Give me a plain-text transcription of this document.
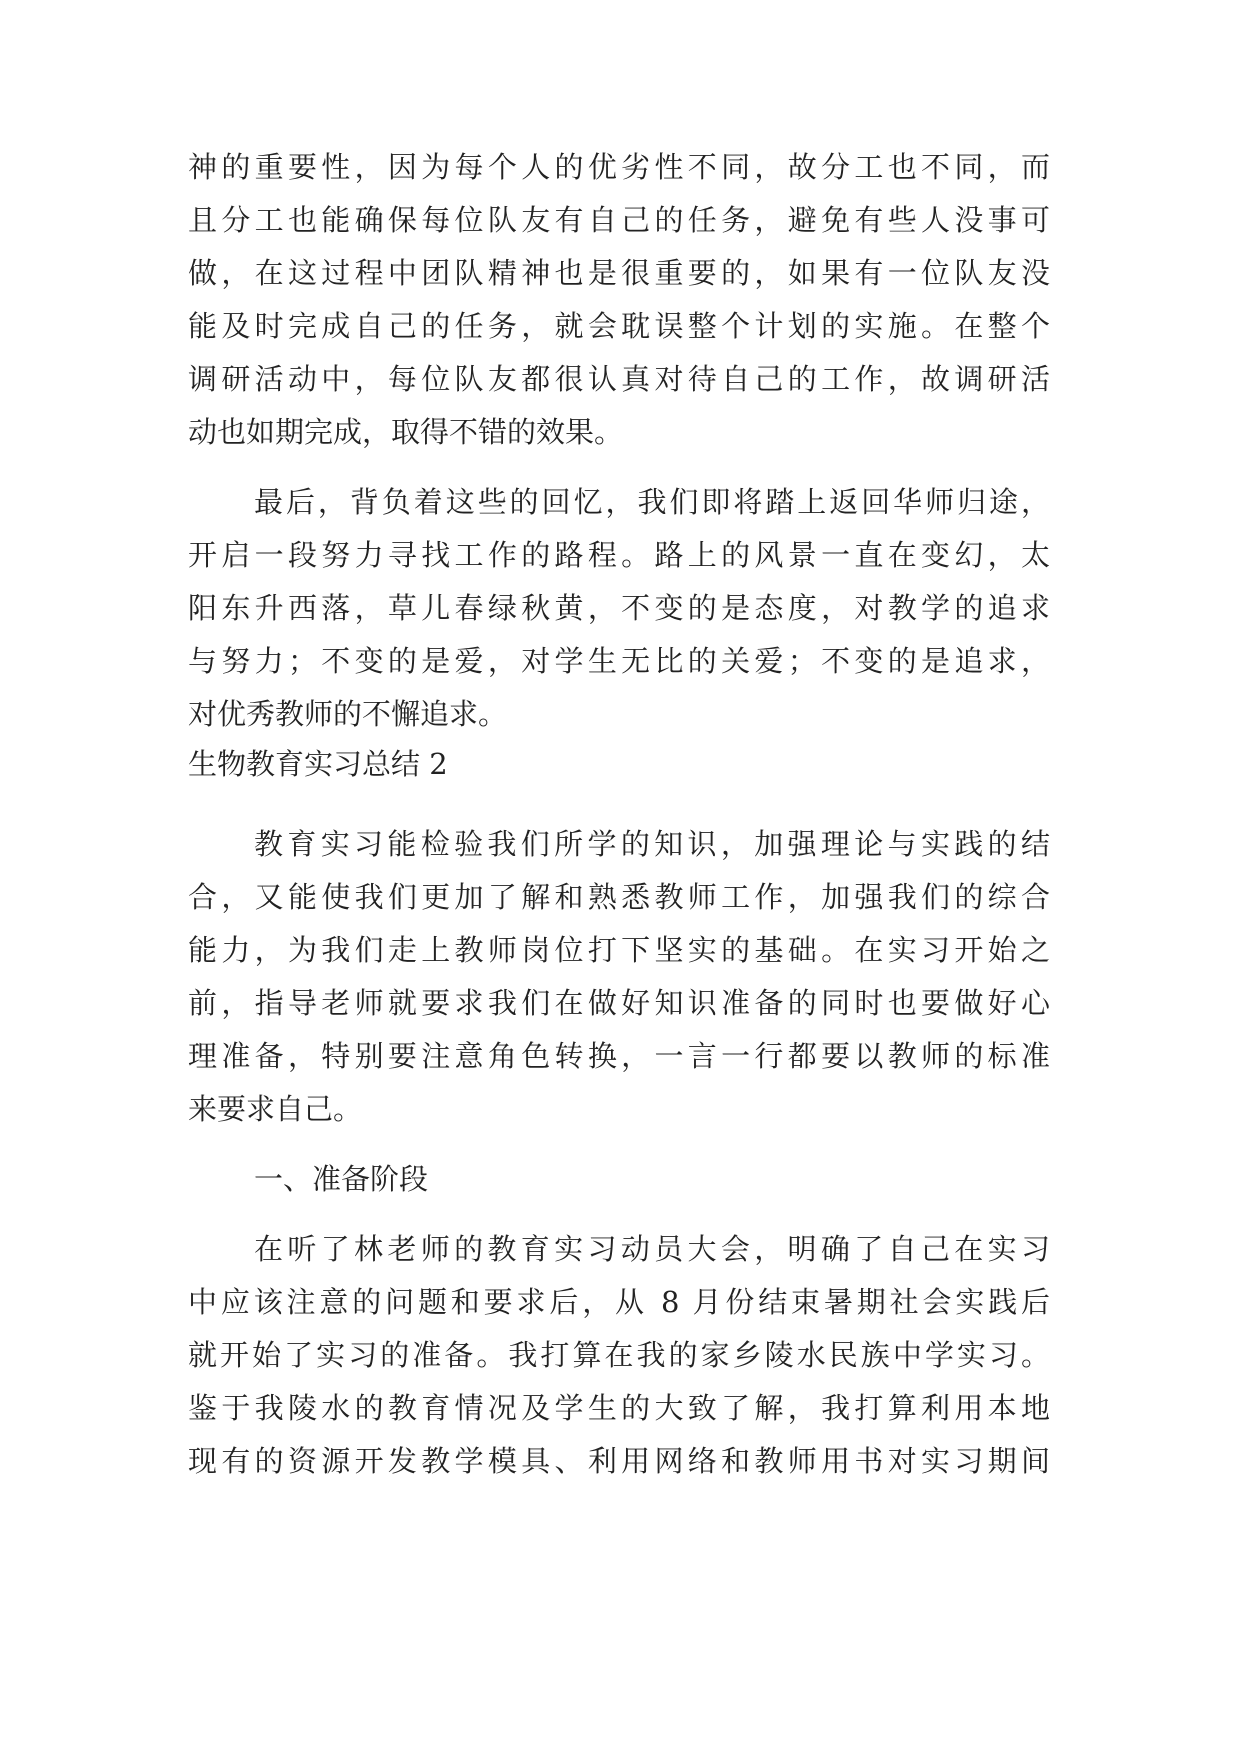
神的重要性，因为每个人的优劣性不同，故分工也不同，而
且分工也能确保每位队友有自己的任务，避免有些人没事可
做，在这过程中团队精神也是很重要的，如果有一位队友没
能及时完成自己的任务，就会耽误整个计划的实施。在整个
调研活动中，每位队友都很认真对待自己的工作，故调研活
动也如期完成，取得不错的效果。
最后，背负着这些的回忆，我们即将踏上返回华师归途，
开启一段努力寻找工作的路程。路上的风景一直在变幻，太
阳东升西落，草儿春绿秋黄，不变的是态度，对教学的追求
与努力；不变的是爱，对学生无比的关爱；不变的是追求，
对优秀教师的不懈追求。
生物教育实习总结 2
教育实习能检验我们所学的知识，加强理论与实践的结
合，又能使我们更加了解和熟悉教师工作，加强我们的综合
能力，为我们走上教师岗位打下坚实的基础。在实习开始之
前，指导老师就要求我们在做好知识准备的同时也要做好心
理准备，特别要注意角色转换，一言一行都要以教师的标准
来要求自己。
一、准备阶段
在听了林老师的教育实习动员大会，明确了自己在实习
中应该注意的问题和要求后，从 8 月份结束暑期社会实践后
就开始了实习的准备。我打算在我的家乡陵水民族中学实习。
鉴于我陵水的教育情况及学生的大致了解，我打算利用本地
现有的资源开发教学模具、利用网络和教师用书对实习期间
